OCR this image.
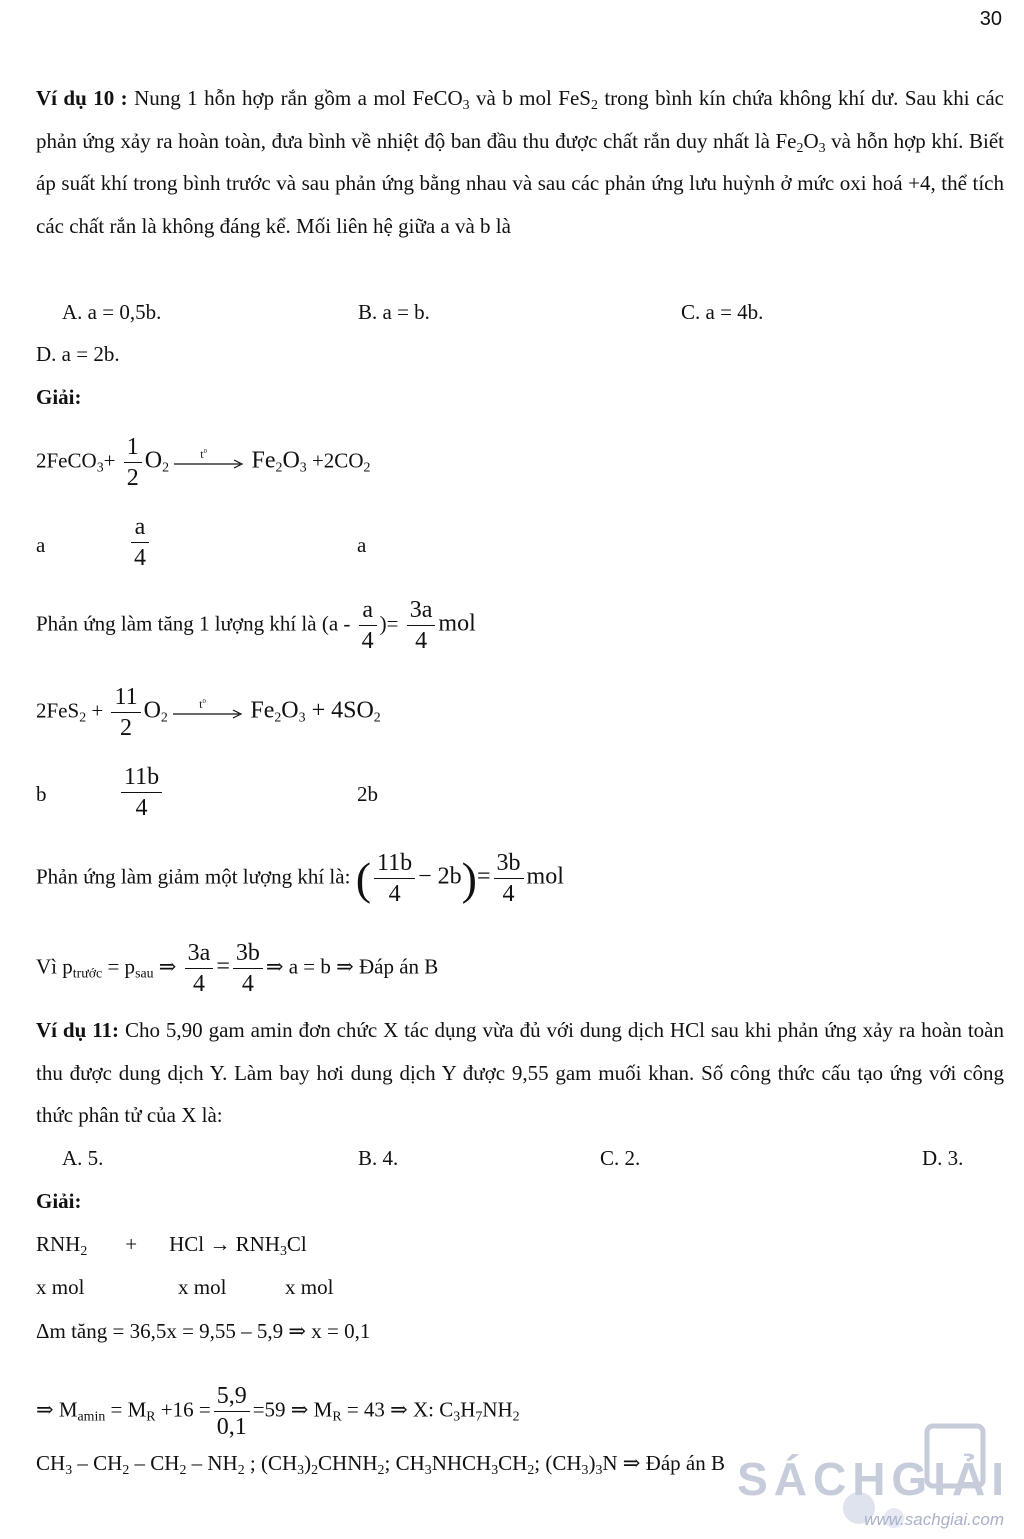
30
Ví dụ 10 : Nung 1 hỗn hợp rắn gồm a mol FeCO$_3$ và b mol FeS$_2$ trong bình kín chứa không khí dư. Sau khi các phản ứng xảy ra hoàn toàn, đưa bình về nhiệt độ ban đầu thu được chất rắn duy nhất là $Fe_2O_3$ và hỗn hợp khí. Biết áp suất khí trong bình trước và sau phản ứng bằng nhau và sau các phản ứng lưu huỳnh ở mức oxi hoá +4, thể tích các chất rắn là không đáng kể. Mối liên hệ giữa a và b là
A. a = 0,5b.	B. a = b.	C. a = 4b.
D. a = 2b.
Giải:
2FeCO$_3$+ $\frac{1}{2} O_2$
$t^0$ $Fe_2O_3 +2CO_2$
a	$\frac{a}{4}$	a
Phản ứng làm tăng 1 lượng khí là ($a - \frac{a}{4}$ )= $\frac{3a}{4}$ mol
$2FeS_2 + \frac{11}{2} O_2$
$t^0$ $Fe_2O_3 + 4SO_2$
b	$\frac{11b}{4}$	2b
Phản ứng làm giảm một lượng khí là: ( $\frac{11b}{4} - 2b)= \frac{3b}{4}$ mol
Vì $p_{trước} = p_{sau}$ ⇒ $\frac{3a}{4} = \frac{3b}{4}$ ⇒ a = b ⇒ Đáp án B
Ví dụ 11: Cho 5,90 gam amin đơn chức X tác dụng vừa đủ với dung dịch HCl sau khi phản ứng xảy ra hoàn toàn thu được dung dịch Y. Làm bay hơi dung dịch Y được 9,55 gam muối khan. Số công thức cấu tạo ứng với công thức phân tử của X là:
A. 5.	B. 4.	C. 2.	D. 3.
Giải:
$RNH_2$ + HCl → $RNH_3Cl$
x mol	x mol	x mol
Δm tăng = 36,5x = 9,55 – 5,9 ⇒ x = 0,1
⇒ $M_{amin} = M_R +16 = \frac{5,9}{0,1} =59$ ⇒ $M_R = 43$ ⇒ X: $C_3H_7NH_2$
$CH_3 - CH_2 - CH_2 - NH_2$ ; $(CH_3)_2CHNH_2$; $CH_3NHCH_3CH_2$; $(CH_3)_3N$ ⇒ Đáp án B SÁCHGIẢI
www.sachgiai.com
